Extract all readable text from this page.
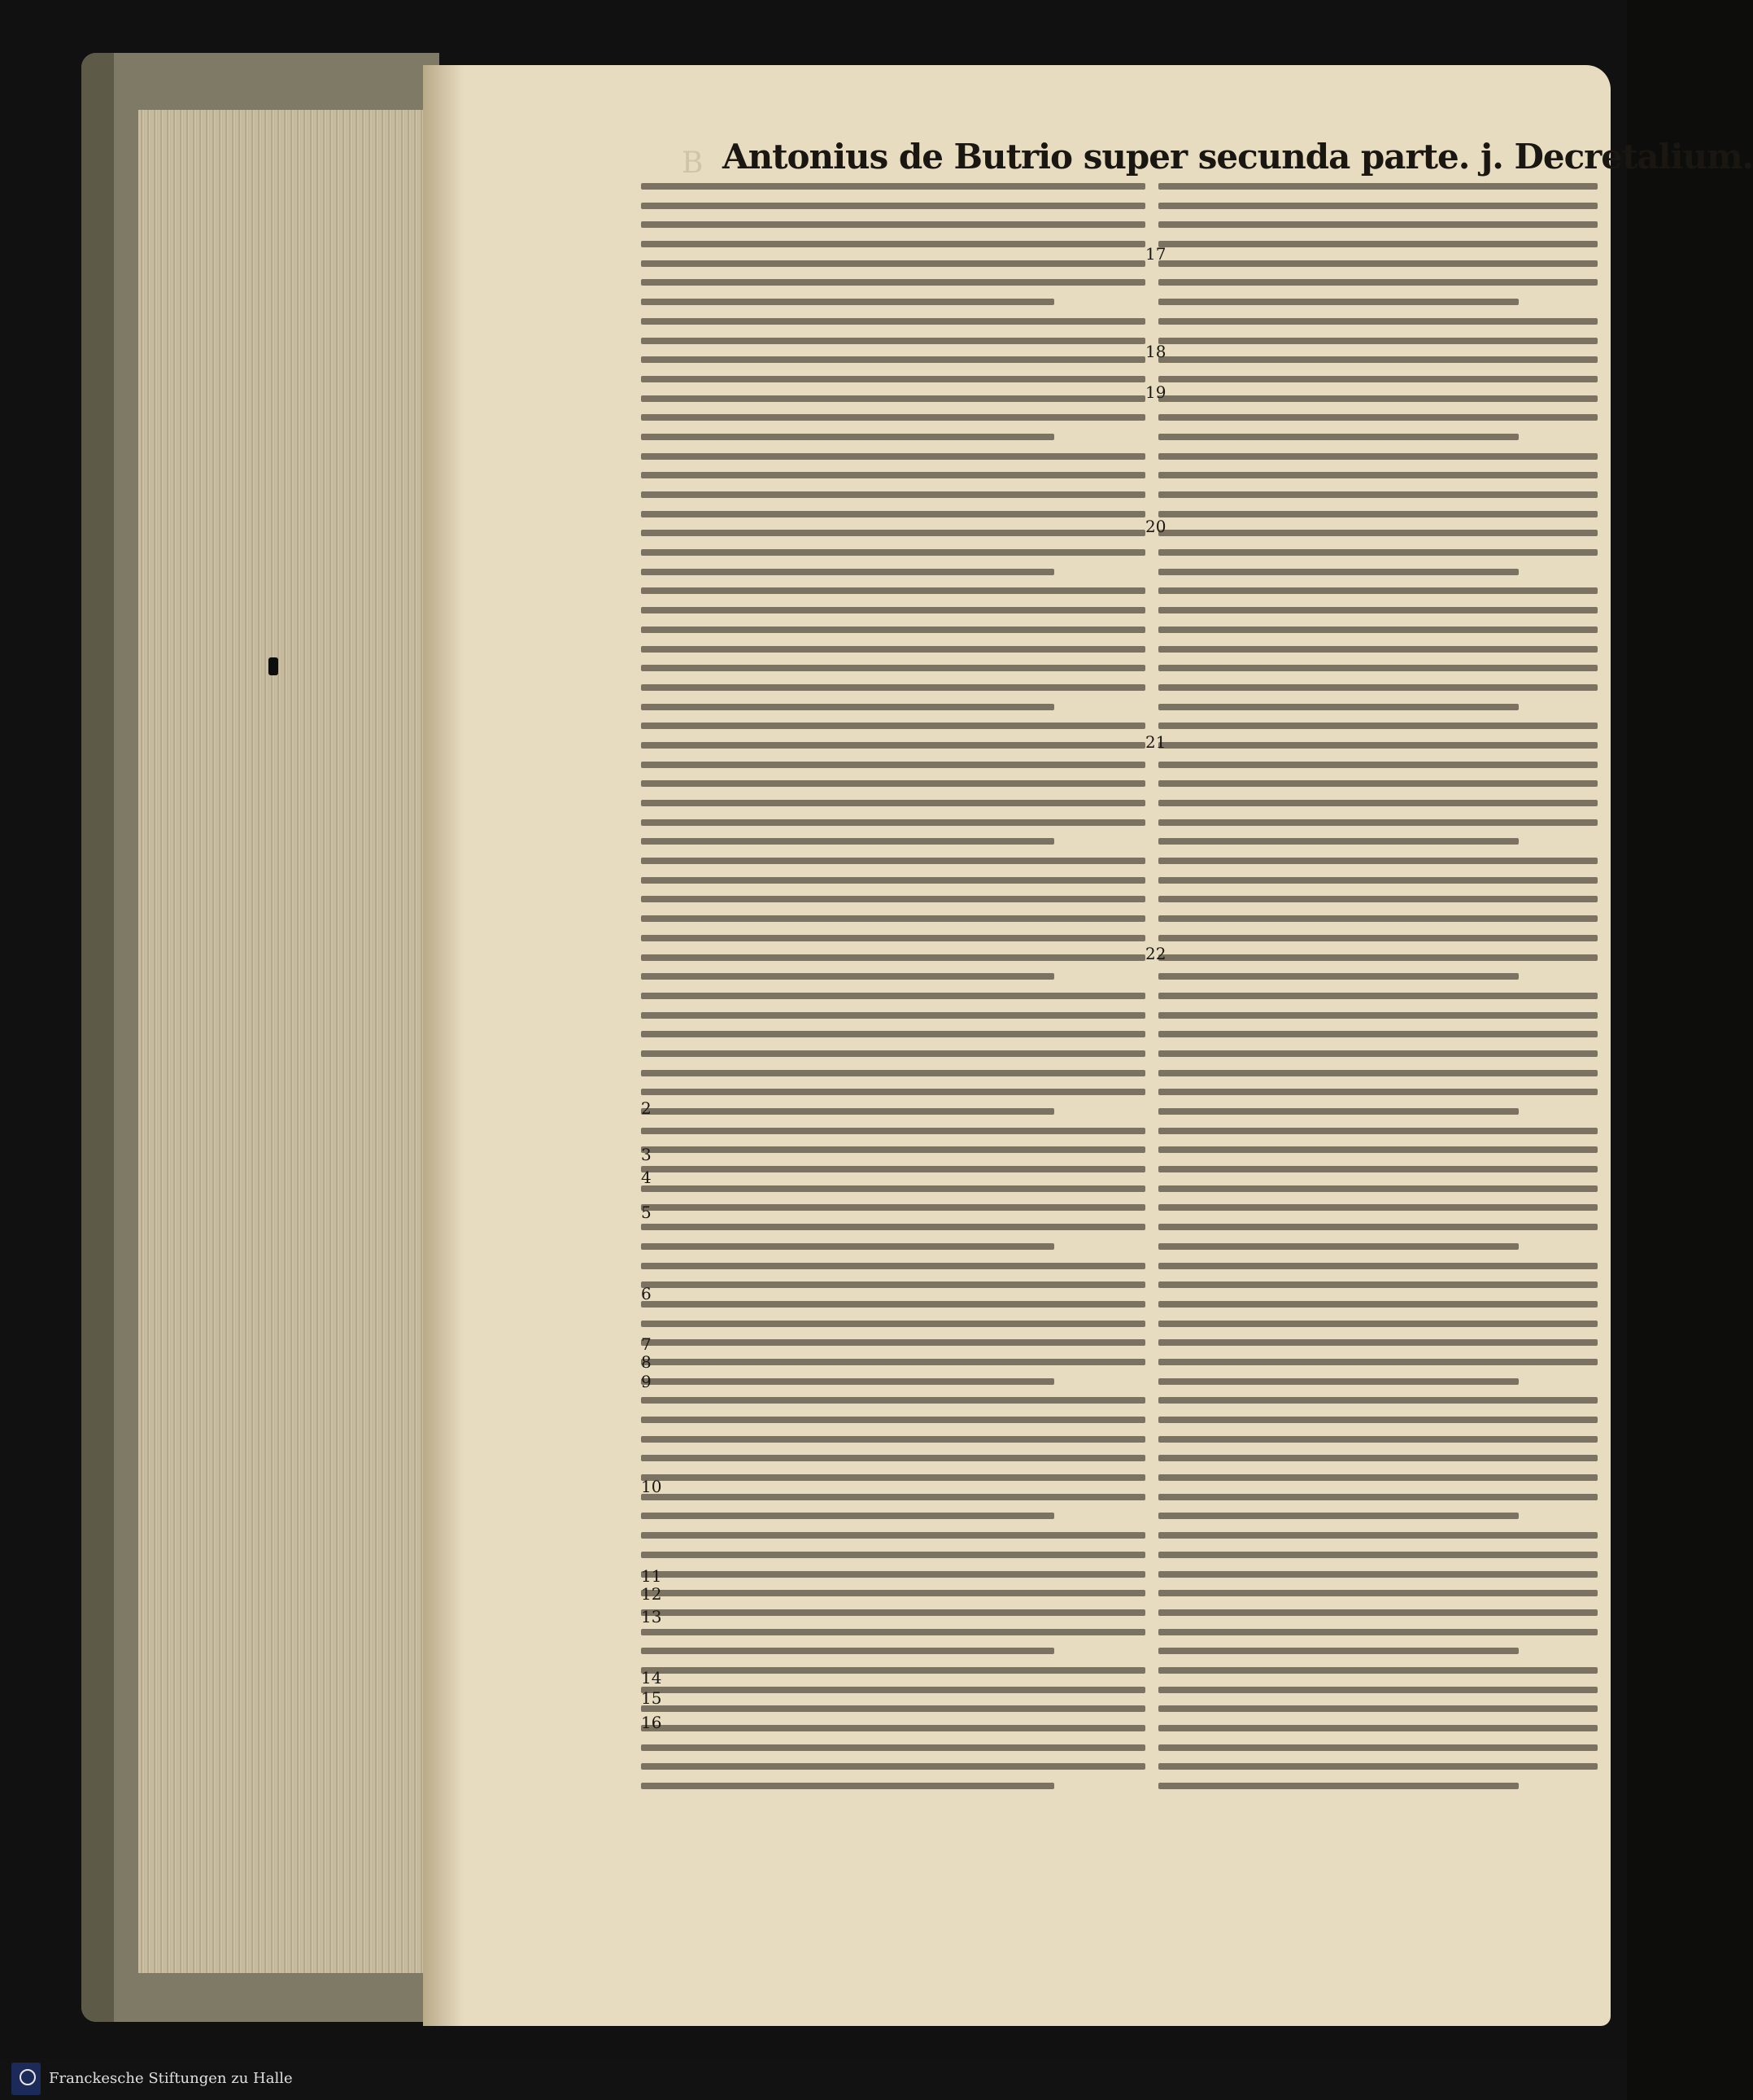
B Antonius de Butrio super secunda parte. j. Decretalium.
2
3
4
5
6
7
8
9
10
11
12
13
14
15
16
17
18
19
20
21
22
Franckesche Stiftungen zu Halle
